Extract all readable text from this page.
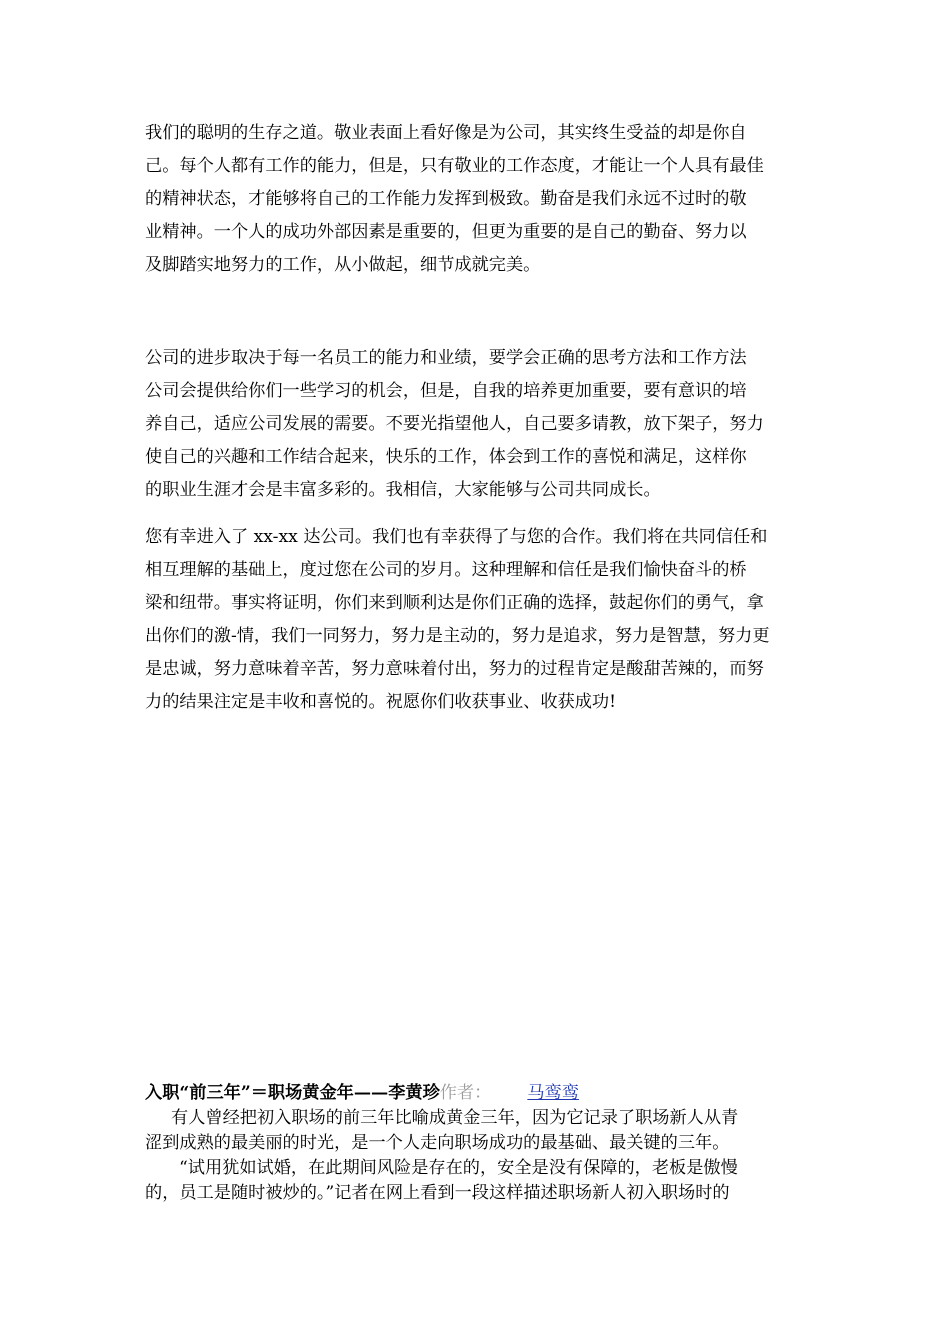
我们的聪明的生存之道。敬业表面上看好像是为公司，其实终生受益的却是你自
己。每个人都有工作的能力，但是，只有敬业的工作态度，才能让一个人具有最佳
的精神状态，才能够将自己的工作能力发挥到极致。勤奋是我们永远不过时的敬
业精神。一个人的成功外部因素是重要的，但更为重要的是自己的勤奋、努力以
及脚踏实地努力的工作，从小做起，细节成就完美。
公司的进步取决于每一名员工的能力和业绩，要学会正确的思考方法和工作方法
公司会提供给你们一些学习的机会，但是，自我的培养更加重要，要有意识的培
养自己，适应公司发展的需要。不要光指望他人，自己要多请教，放下架子，努力
使自己的兴趣和工作结合起来，快乐的工作，体会到工作的喜悦和满足，这样你
的职业生涯才会是丰富多彩的。我相信，大家能够与公司共同成长。
您有幸进入了 xx-xx 达公司。我们也有幸获得了与您的合作。我们将在共同信任和
相互理解的基础上，度过您在公司的岁月。这种理解和信任是我们愉快奋斗的桥
梁和纽带。事实将证明，你们来到顺利达是你们正确的选择，鼓起你们的勇气，拿
出你们的激-情，我们一同努力，努力是主动的，努力是追求，努力是智慧，努力更
是忠诚，努力意味着辛苦，努力意味着付出，努力的过程肯定是酸甜苦辣的，而努
力的结果注定是丰收和喜悦的。祝愿你们收获事业、收获成功!
入职“前三年”＝职场黄金年——李黄珍作者： 马鸾鸾
有人曾经把初入职场的前三年比喻成黄金三年，因为它记录了职场新人从青
涩到成熟的最美丽的时光，是一个人走向职场成功的最基础、最关键的三年。
“试用犹如试婚，在此期间风险是存在的，安全是没有保障的，老板是傲慢
的，员工是随时被炒的。”记者在网上看到一段这样描述职场新人初入职场时的
